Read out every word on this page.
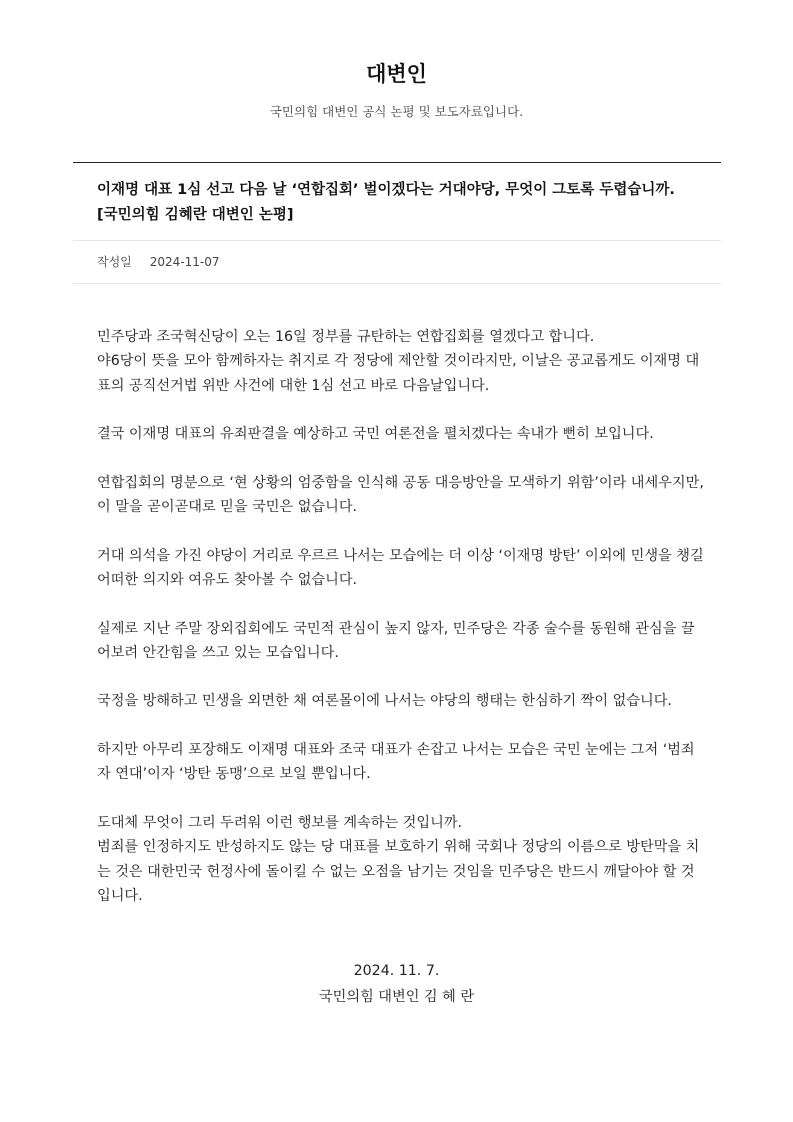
대변인
국민의힘 대변인 공식 논평 및 보도자료입니다.
이재명 대표 1심 선고 다음 날 ‘연합집회’ 벌이겠다는 거대야당, 무엇이 그토록 두렵습니까. [국민의힘 김혜란 대변인 논평]
작성일 2024-11-07

민주당과 조국혁신당이 오는 16일 정부를 규탄하는 연합집회를 열겠다고 합니다.
야6당이 뜻을 모아 함께하자는 취지로 각 정당에 제안할 것이라지만, 이날은 공교롭게도 이재명 대표의 공직선거법 위반 사건에 대한 1심 선고 바로 다음날입니다.

결국 이재명 대표의 유죄판결을 예상하고 국민 여론전을 펼치겠다는 속내가 뻔히 보입니다.

연합집회의 명분으로 ‘현 상황의 엄중함을 인식해 공동 대응방안을 모색하기 위함’이라 내세우지만, 이 말을 곧이곧대로 믿을 국민은 없습니다.

거대 의석을 가진 야당이 거리로 우르르 나서는 모습에는 더 이상 ‘이재명 방탄’ 이외에 민생을 챙길 어떠한 의지와 여유도 찾아볼 수 없습니다.

실제로 지난 주말 장외집회에도 국민적 관심이 높지 않자, 민주당은 각종 술수를 동원해 관심을 끌어보려 안간힘을 쓰고 있는 모습입니다.

국정을 방해하고 민생을 외면한 채 여론몰이에 나서는 야당의 행태는 한심하기 짝이 없습니다.

하지만 아무리 포장해도 이재명 대표와 조국 대표가 손잡고 나서는 모습은 국민 눈에는 그저 ‘범죄자 연대’이자 ‘방탄 동맹’으로 보일 뿐입니다.

도대체 무엇이 그리 두려워 이런 행보를 계속하는 것입니까.
범죄를 인정하지도 반성하지도 않는 당 대표를 보호하기 위해 국회나 정당의 이름으로 방탄막을 치는 것은 대한민국 헌정사에 돌이킬 수 없는 오점을 남기는 것임을 민주당은 반드시 깨달아야 할 것입니다.

2024. 11. 7.
국민의힘 대변인 김 혜 란
